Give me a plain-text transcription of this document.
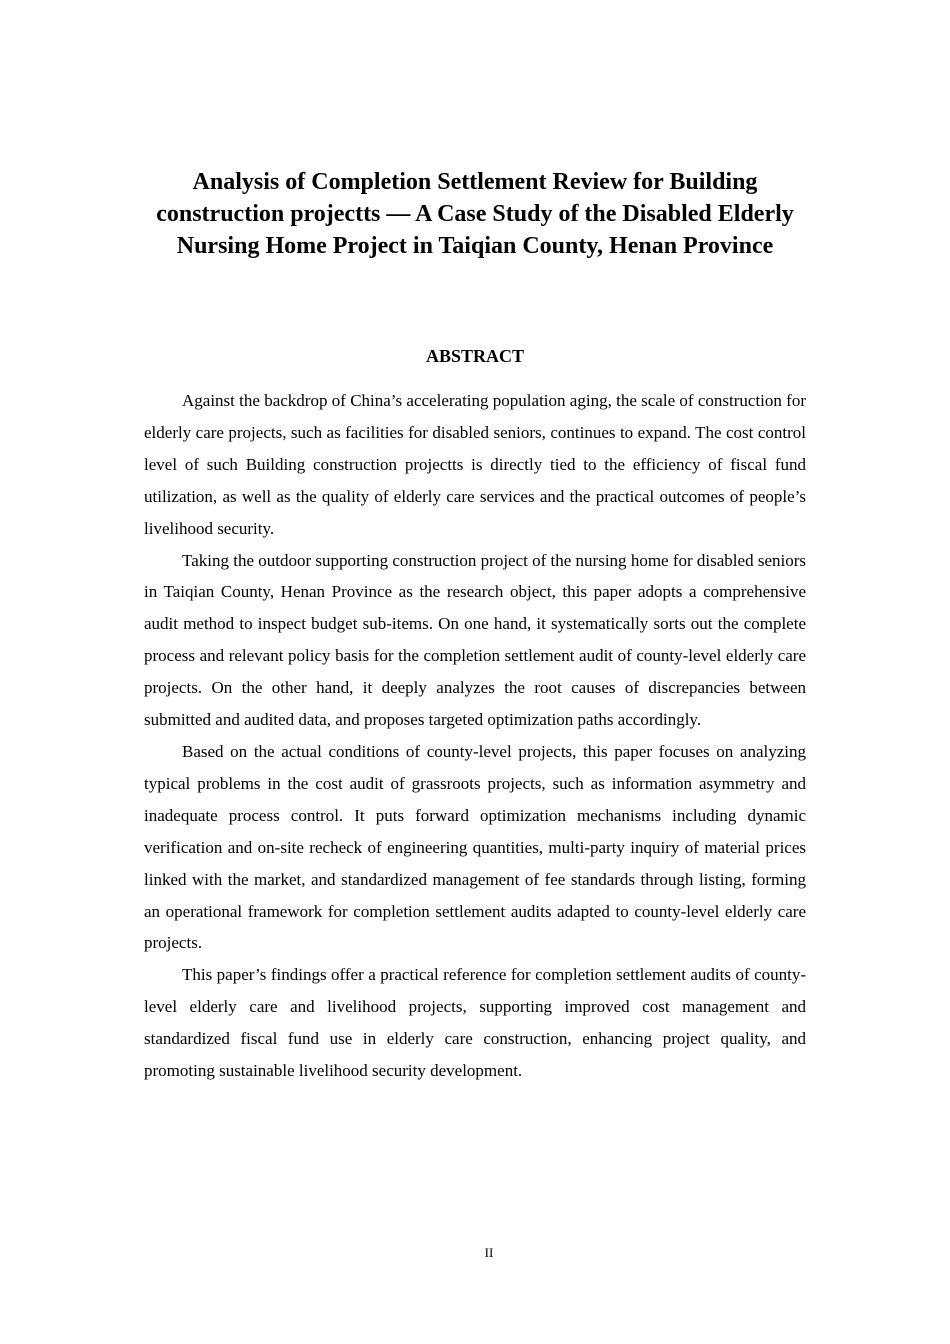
Analysis of Completion Settlement Review for Building construction projectts — A Case Study of the Disabled Elderly Nursing Home Project in Taiqian County, Henan Province
ABSTRACT

Against the backdrop of China’s accelerating population aging, the scale of construction for elderly care projects, such as facilities for disabled seniors, continues to expand. The cost control level of such Building construction projectts is directly tied to the efficiency of fiscal fund utilization, as well as the quality of elderly care services and the practical outcomes of people’s livelihood security.

Taking the outdoor supporting construction project of the nursing home for disabled seniors in Taiqian County, Henan Province as the research object, this paper adopts a comprehensive audit method to inspect budget sub-items. On one hand, it systematically sorts out the complete process and relevant policy basis for the completion settlement audit of county-level elderly care projects. On the other hand, it deeply analyzes the root causes of discrepancies between submitted and audited data, and proposes targeted optimization paths accordingly.

Based on the actual conditions of county-level projects, this paper focuses on analyzing typical problems in the cost audit of grassroots projects, such as information asymmetry and inadequate process control. It puts forward optimization mechanisms including dynamic verification and on-site recheck of engineering quantities, multi-party inquiry of material prices linked with the market, and standardized management of fee standards through listing, forming an operational framework for completion settlement audits adapted to county-level elderly care projects.

This paper’s findings offer a practical reference for completion settlement audits of county-level elderly care and livelihood projects, supporting improved cost management and standardized fiscal fund use in elderly care construction, enhancing project quality, and promoting sustainable livelihood security development.

II
